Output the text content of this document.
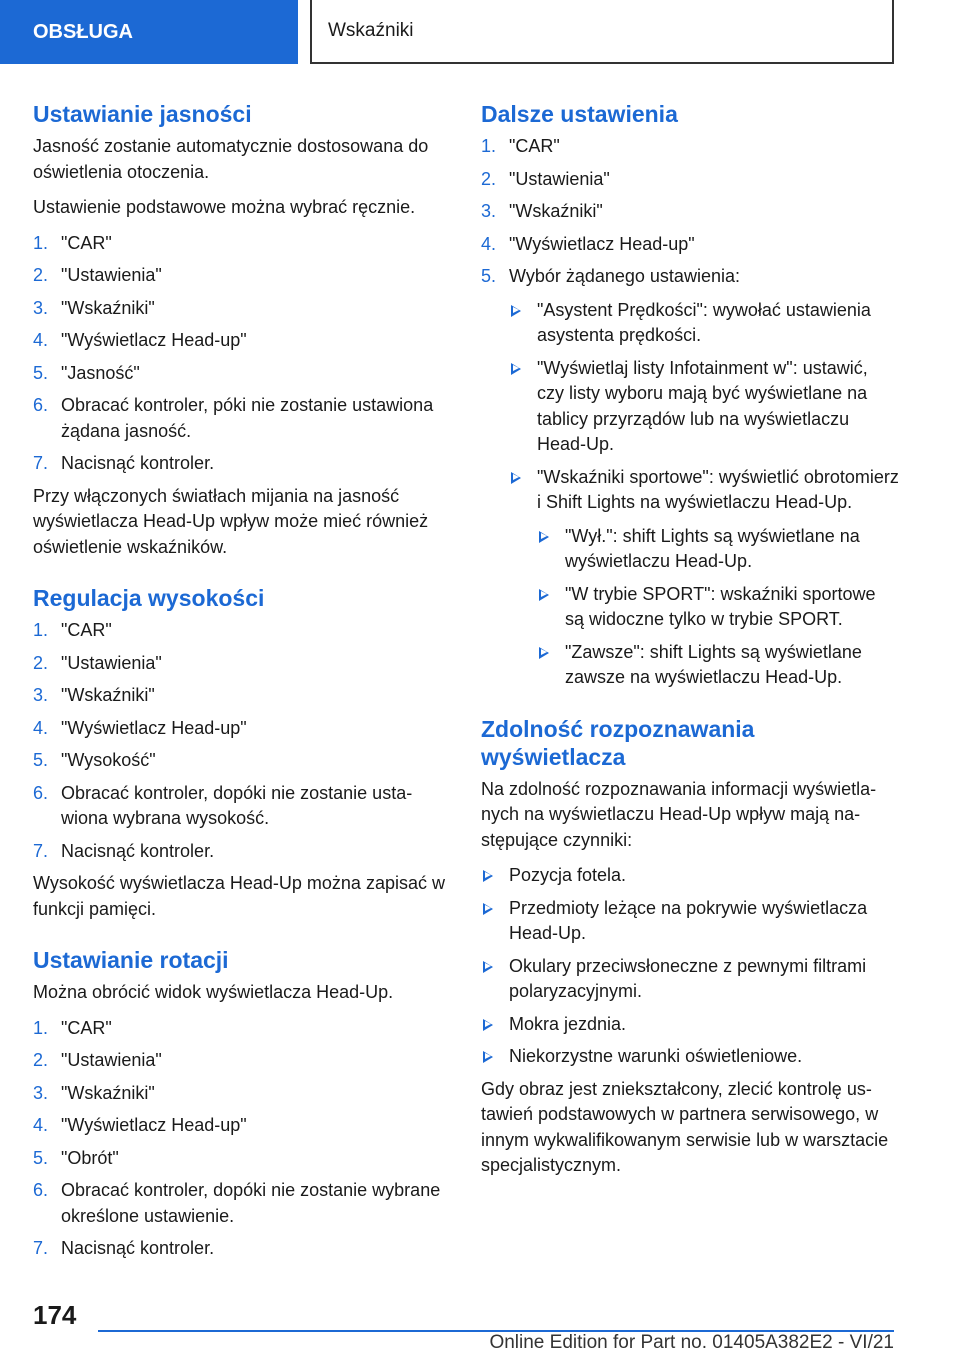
OBSŁUGA	Wskaźniki
Ustawianie jasności

Jasność zostanie automatycznie dostosowana do oświetlenia otoczenia.

Ustawienie podstawowe można wybrać ręcznie.

1. "CAR"
2. "Ustawienia"
3. "Wskaźniki"
4. "Wyświetlacz Head-up"
5. "Jasność"
6. Obracać kontroler, póki nie zostanie ustawiona żądana jasność.
7. Nacisnąć kontroler.

Przy włączonych światłach mijania na jasność wyświetlacza Head-Up wpływ może mieć również oświetlenie wskaźników.

Regulacja wysokości
1. "CAR"
2. "Ustawienia"
3. "Wskaźniki"
4. "Wyświetlacz Head-up"
5. "Wysokość"
6. Obracać kontroler, dopóki nie zostanie ustawiona wybrana wysokość.
7. Nacisnąć kontroler.

Wysokość wyświetlacza Head-Up można zapisać w funkcji pamięci.

Ustawianie rotacji

Można obrócić widok wyświetlacza Head-Up.

1. "CAR"
2. "Ustawienia"
3. "Wskaźniki"
4. "Wyświetlacz Head-up"
5. "Obrót"
6. Obracać kontroler, dopóki nie zostanie wybrane określone ustawienie.
7. Nacisnąć kontroler.
Dalsze ustawienia
1. "CAR"
2. "Ustawienia"
3. "Wskaźniki"
4. "Wyświetlacz Head-up"
5. Wybór żądanego ustawienia:
"Asystent Prędkości": wywołać ustawienia asystenta prędkości.
"Wyświetlaj listy Infotainment w": ustawić, czy listy wyboru mają być wyświetlane na tablicy przyrządów lub na wyświetlaczu Head-Up.
"Wskaźniki sportowe": wyświetlić obrotomierz i Shift Lights na wyświetlaczu Head-Up.
"Wył.": shift Lights są wyświetlane na wyświetlaczu Head-Up.
"W trybie SPORT": wskaźniki sportowe są widoczne tylko w trybie SPORT.
"Zawsze": shift Lights są wyświetlane zawsze na wyświetlaczu Head-Up.
Zdolność rozpoznawania wyświetlacza

Na zdolność rozpoznawania informacji wyświetlanych na wyświetlaczu Head-Up wpływ mają następujące czynniki:

Pozycja fotela.
Przedmioty leżące na pokrywie wyświetlacza Head-Up.
Okulary przeciwsłoneczne z pewnymi filtrami polaryzacyjnymi.
Mokra jezdnia.
Niekorzystne warunki oświetleniowe.

Gdy obraz jest zniekształcony, zlecić kontrolę ustawień podstawowych w partnera serwisowego, w innym wykwalifikowanym serwisie lub w warsztacie specjalistycznym.

174
Online Edition for Part no. 01405A382E2 - VI/21
